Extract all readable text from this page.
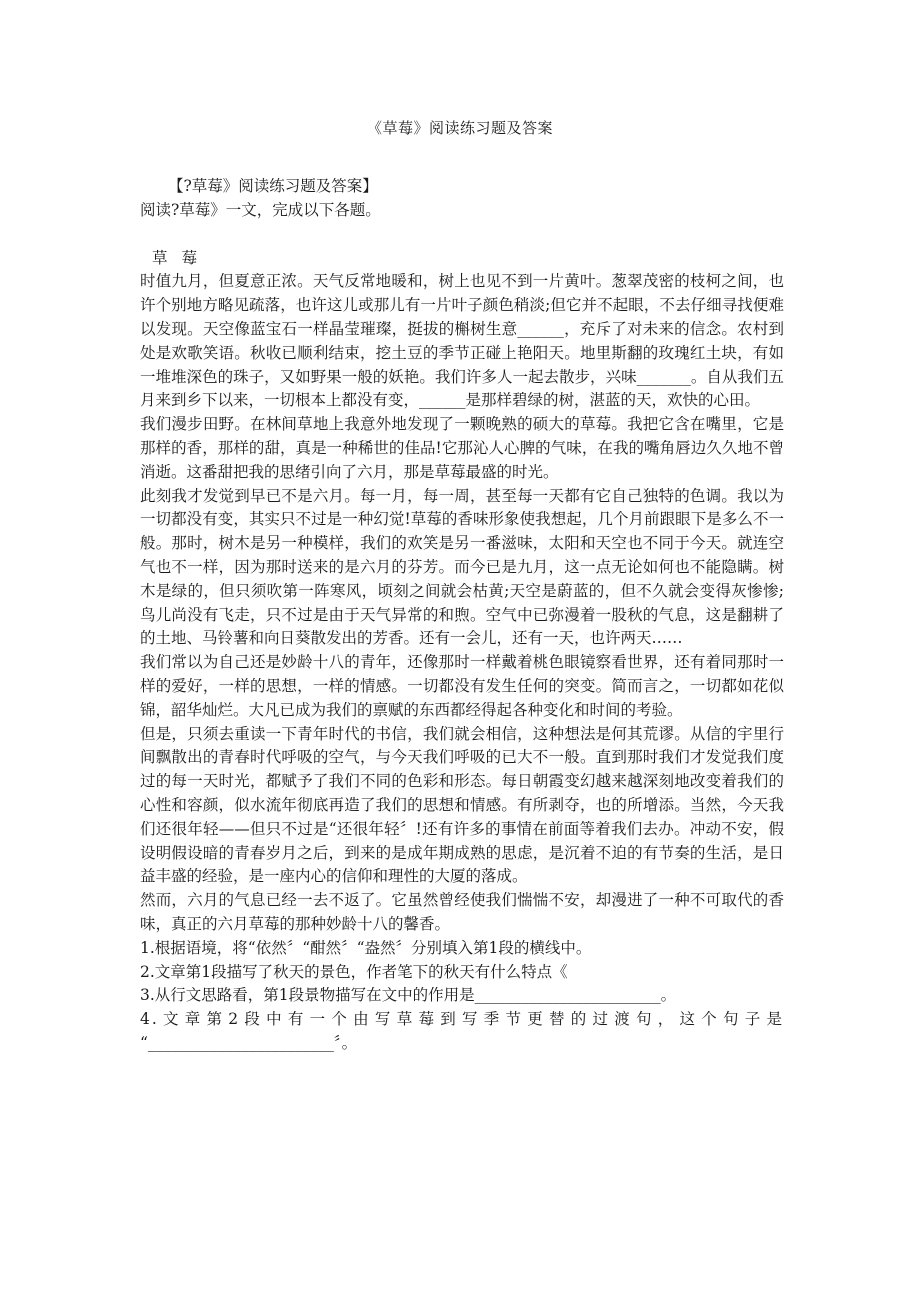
《草莓》阅读练习题及答案

【?草莓》阅读练习题及答案】

阅读?草莓》一文，完成以下各题。

草莓

时值九月，但夏意正浓。天气反常地暖和，树上也见不到一片黄叶。葱翠茂密的枝柯之间，也许个别地方略见疏落，也许这儿或那儿有一片叶子颜色稍淡;但它并不起眼，不去仔细寻找便难以发现。天空像蓝宝石一样晶莹璀璨，挺拔的槲树生意______，充斥了对未来的信念。农村到处是欢歌笑语。秋收已顺利结束，挖土豆的季节正碰上艳阳天。地里斯翻的玫瑰红土块，有如一堆堆深色的珠子，又如野果一般的妖艳。我们许多人一起去散步，兴味_______。自从我们五月来到乡下以来，一切根本上都没有变，______是那样碧绿的树，湛蓝的天，欢快的心田。

我们漫步田野。在林间草地上我意外地发现了一颗晚熟的硕大的草莓。我把它含在嘴里，它是那样的香，那样的甜，真是一种稀世的佳品!它那沁人心脾的气味，在我的嘴角唇边久久地不曾消逝。这番甜把我的思绪引向了六月，那是草莓最盛的时光。

此刻我才发觉到早已不是六月。每一月，每一周，甚至每一天都有它自己独特的色调。我以为一切都没有变，其实只不过是一种幻觉!草莓的香味形象使我想起，几个月前跟眼下是多么不一般。那时，树木是另一种模样，我们的欢笑是另一番滋味，太阳和天空也不同于今天。就连空气也不一样，因为那时送来的是六月的芬芳。而今已是九月，这一点无论如何也不能隐瞒。树木是绿的，但只须吹第一阵寒风，顷刻之间就会枯黄;天空是蔚蓝的，但不久就会变得灰惨惨;鸟儿尚没有飞走，只不过是由于天气异常的和煦。空气中已弥漫着一股秋的气息，这是翻耕了的土地、马铃薯和向日葵散发出的芳香。还有一会儿，还有一天，也许两天……

我们常以为自己还是妙龄十八的青年，还像那时一样戴着桃色眼镜察看世界，还有着同那时一样的爱好，一样的思想，一样的情感。一切都没有发生任何的突变。简而言之，一切都如花似锦，韶华灿烂。大凡已成为我们的禀赋的东西都经得起各种变化和时间的考验。

但是，只须去重读一下青年时代的书信，我们就会相信，这种想法是何其荒谬。从信的宇里行间飘散出的青春时代呼吸的空气，与今天我们呼吸的已大不一般。直到那时我们才发觉我们度过的每一天时光，都赋予了我们不同的色彩和形态。每日朝霞变幻越来越深刻地改变着我们的心性和容颜，似水流年彻底再造了我们的思想和情感。有所剥夺，也的所增添。当然，今天我们还很年轻——但只不过是“还很年轻〞!还有许多的事情在前面等着我们去办。冲动不安，假设明假设暗的青春岁月之后，到来的是成年期成熟的思虑，是沉着不迫的有节奏的生活，是日益丰盛的经验，是一座内心的信仰和理性的大厦的落成。

然而，六月的气息已经一去不返了。它虽然曾经使我们惴惴不安，却漫进了一种不可取代的香味，真正的六月草莓的那种妙龄十八的馨香。

1.根据语境，将“依然〞“酣然〞“盎然〞分别填入第1段的横线中。

2.文章第1段描写了秋天的景色，作者笔下的秋天有什么特点《

3.从行文思路看，第1段景物描写在文中的作用是________________________。

4.文章第2段中有一个由写草莓到写季节更替的过渡句，这个句子是

“________________________〞。
